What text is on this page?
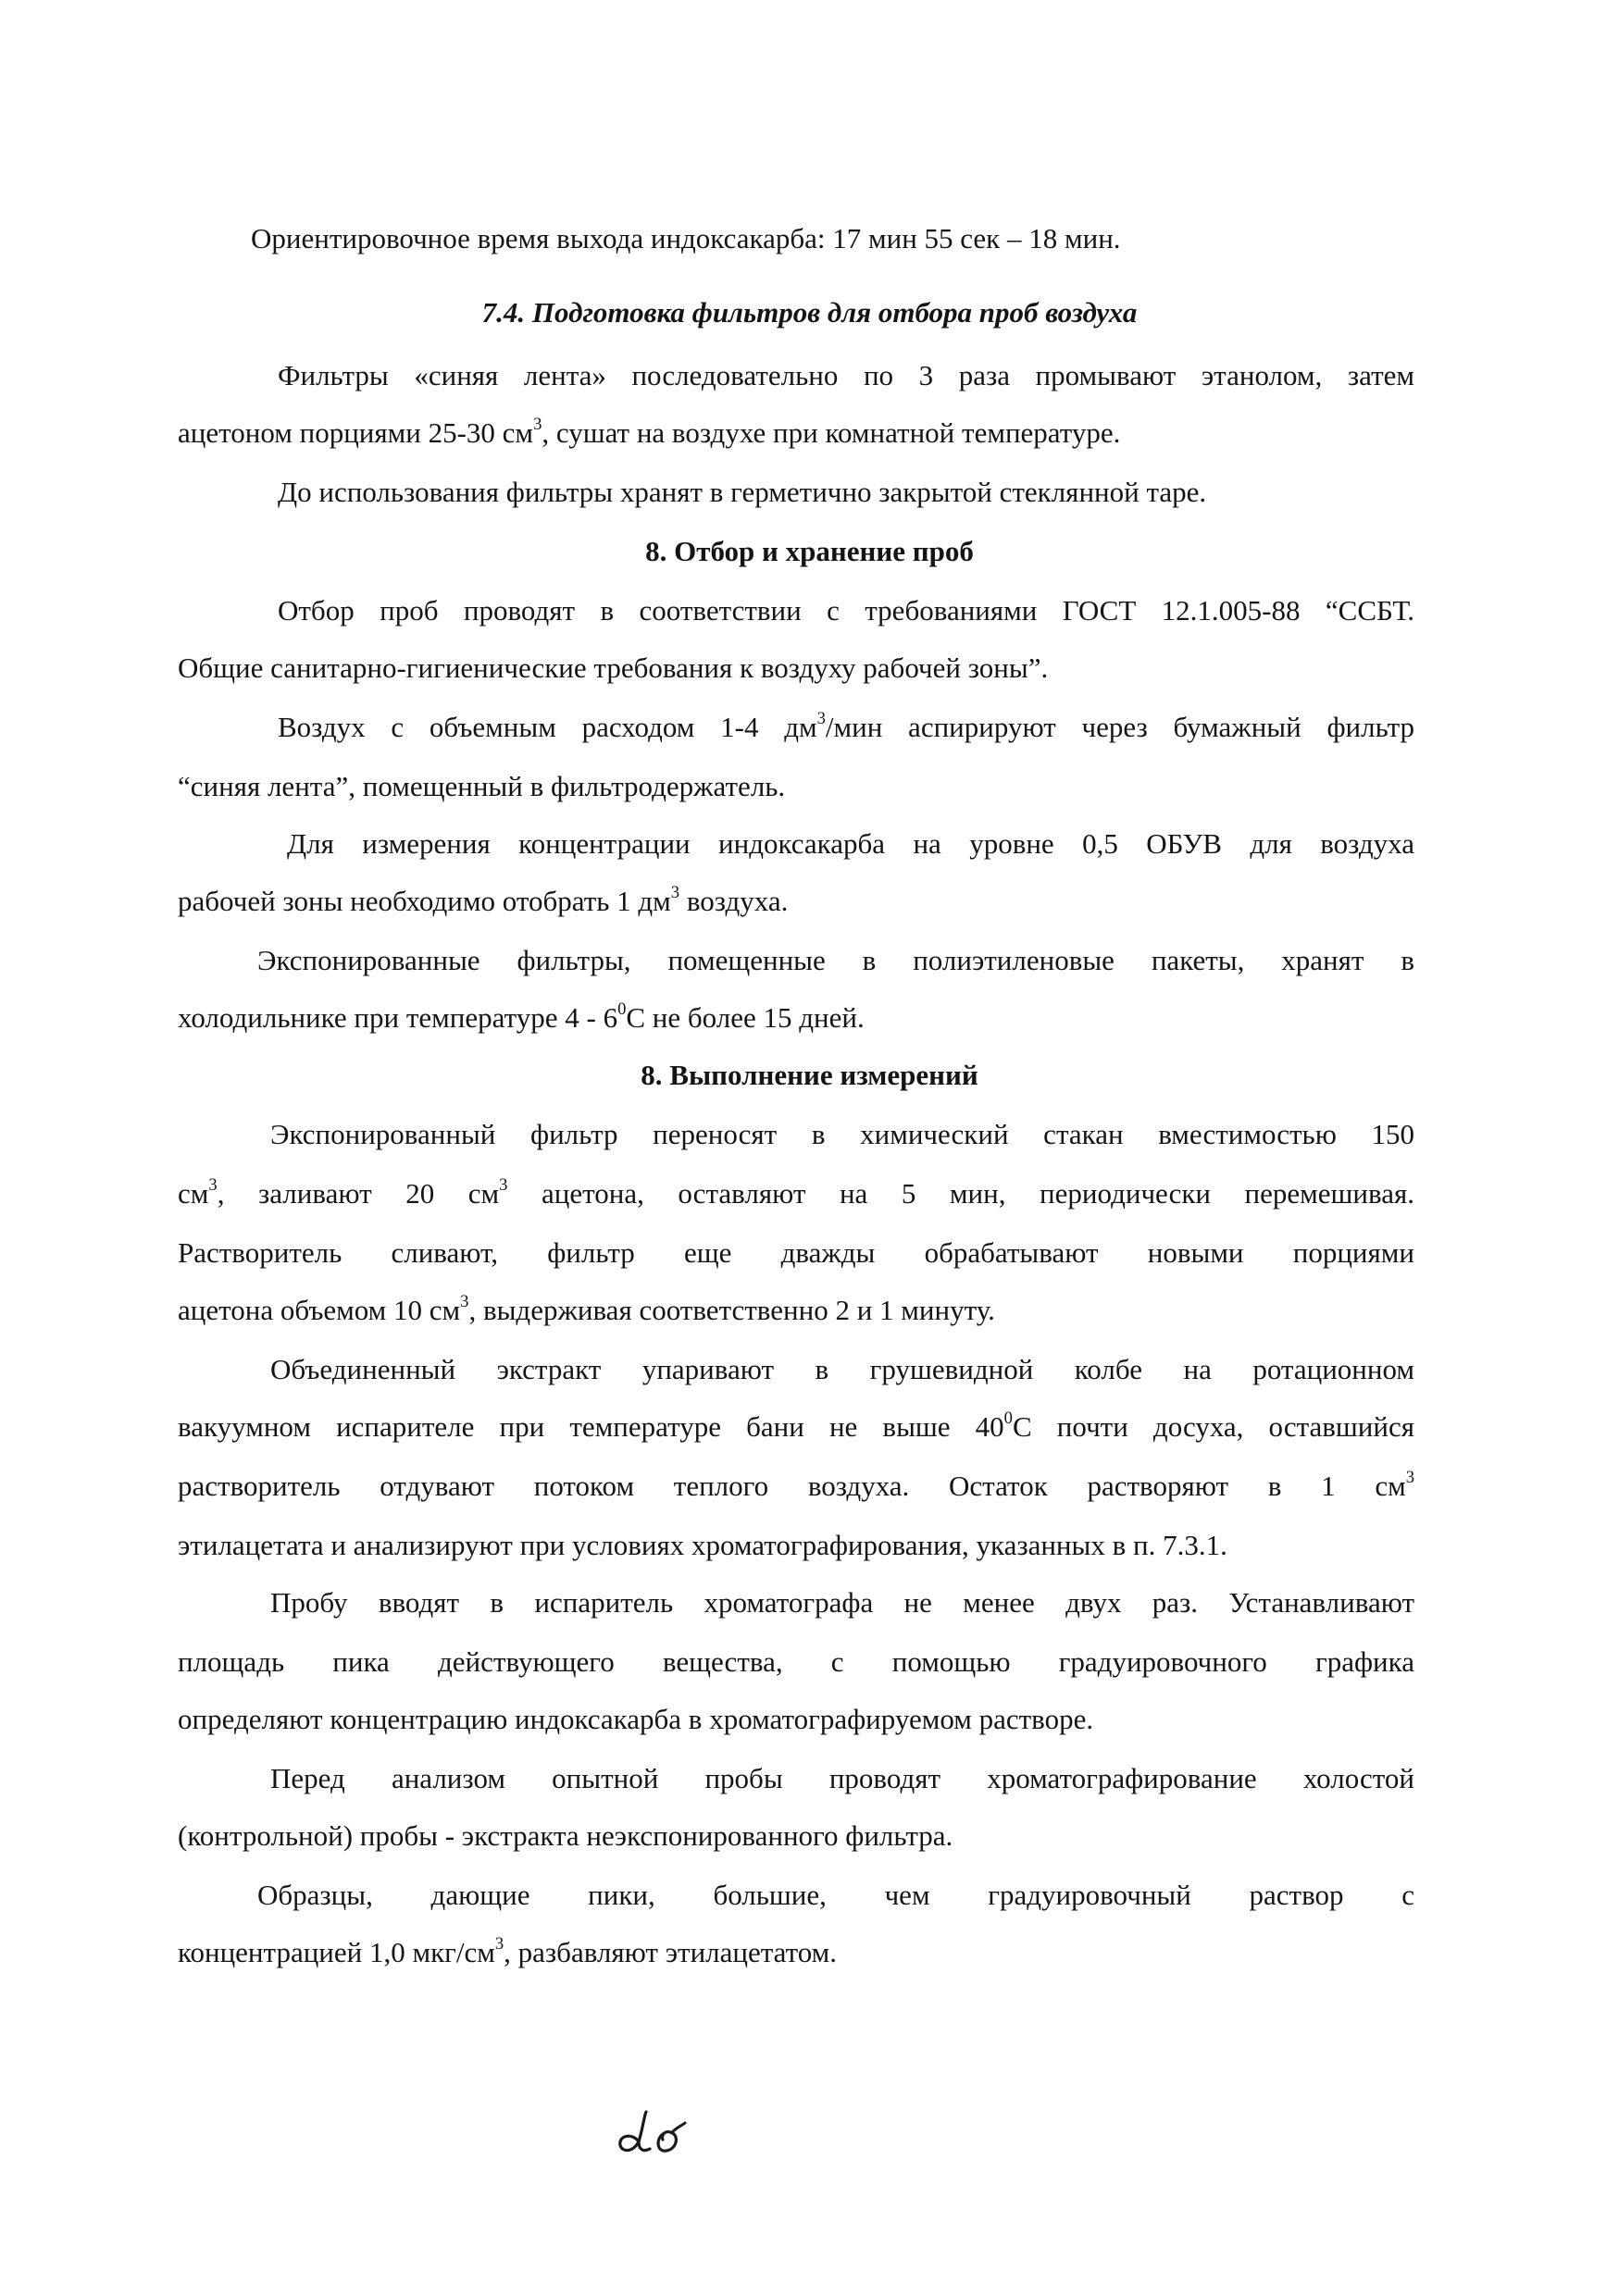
Ориентировочное время выхода индоксакарба: 17 мин 55 сек – 18 мин.
7.4. Подготовка фильтров для отбора проб воздуха
Фильтры «синяя лента» последовательно по 3 раза промывают этанолом, затем
ацетоном порциями 25-30 $см^3$, сушат на воздухе при комнатной температуре.
До использования фильтры хранят в герметично закрытой стеклянной таре.
8. Отбор и хранение проб
Отбор проб проводят в соответствии с требованиями ГОСТ 12.1.005-88 “ССБТ.
Общие санитарно-гигиенические требования к воздуху рабочей зоны”.
Воздух с объемным расходом 1-4 $дм^3$/мин аспирируют через бумажный фильтр
“синяя лента”, помещенный в фильтродержатель.
Для измерения концентрации индоксакарба на уровне 0,5 ОБУВ для воздуха
рабочей зоны необходимо отобрать 1 $дм^3$ воздуха.
Экспонированные фильтры, помещенные в полиэтиленовые пакеты, хранят в
холодильнике при температуре $4 - 6^0С$ не более 15 дней.
8. Выполнение измерений
Экспонированный фильтр переносят в химический стакан вместимостью 150
$см^3$, заливают 20 $см^3$ ацетона, оставляют на 5 мин, периодически перемешивая.
Растворитель сливают, фильтр еще дважды обрабатывают новыми порциями
ацетона объемом 10 $см^3$, выдерживая соответственно 2 и 1 минуту.
Объединенный экстракт упаривают в грушевидной колбе на ротационном
вакуумном испарителе при температуре бани не выше $40^0С$ почти досуха, оставшийся
растворитель отдувают потоком теплого воздуха. Остаток растворяют в 1 $см^3$
этилацетата и анализируют при условиях хроматографирования, указанных в п. 7.3.1.
Пробу вводят в испаритель хроматографа не менее двух раз. Устанавливают
площадь пика действующего вещества, с помощью градуировочного графика
определяют концентрацию индоксакарба в хроматографируемом растворе.
Перед анализом опытной пробы проводят хроматографирование холостой
(контрольной) пробы - экстракта неэкспонированного фильтра.
Образцы, дающие пики, большие, чем градуировочный раствор с
концентрацией 1,0 мкг/$см^3$, разбавляют этилацетатом.
